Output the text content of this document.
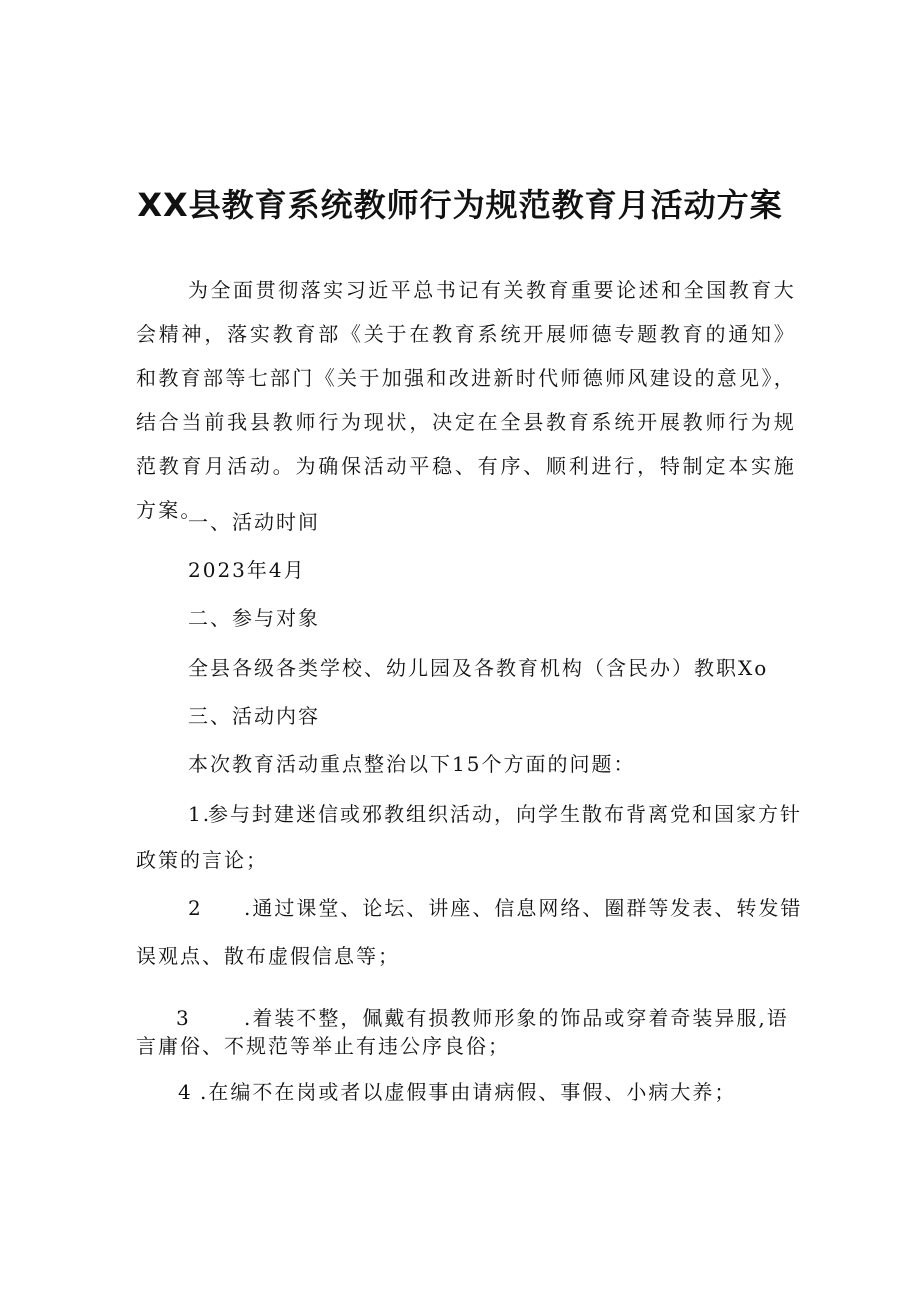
XX县教育系统教师行为规范教育月活动方案

为全面贯彻落实习近平总书记有关教育重要论述和全国教育大会精神，落实教育部《关于在教育系统开展师德专题教育的通知》和教育部等七部门《关于加强和改进新时代师德师风建设的意见》，结合当前我县教师行为现状，决定在全县教育系统开展教师行为规范教育月活动。为确保活动平稳、有序、顺利进行，特制定本实施方案。

一、活动时间

2023年4月

二、参与对象

全县各级各类学校、幼儿园及各教育机构（含民办）教职Xo

三、活动内容

本次教育活动重点整治以下15个方面的问题：

1.
参与封建迷信或邪教组织活动，向学生散布背离党和国家方针
政策的言论；
2 .通过课堂、论坛、讲座、信息网络、圈群等发表、转发错
误观点、散布虚假信息等；
3	.着装不整，佩戴有损教师形象的饰品或穿着奇装异服,语
言庸俗、不规范等举止有违公序良俗；
4 .在编不在岗或者以虚假事由请病假、事假、小病大养；
